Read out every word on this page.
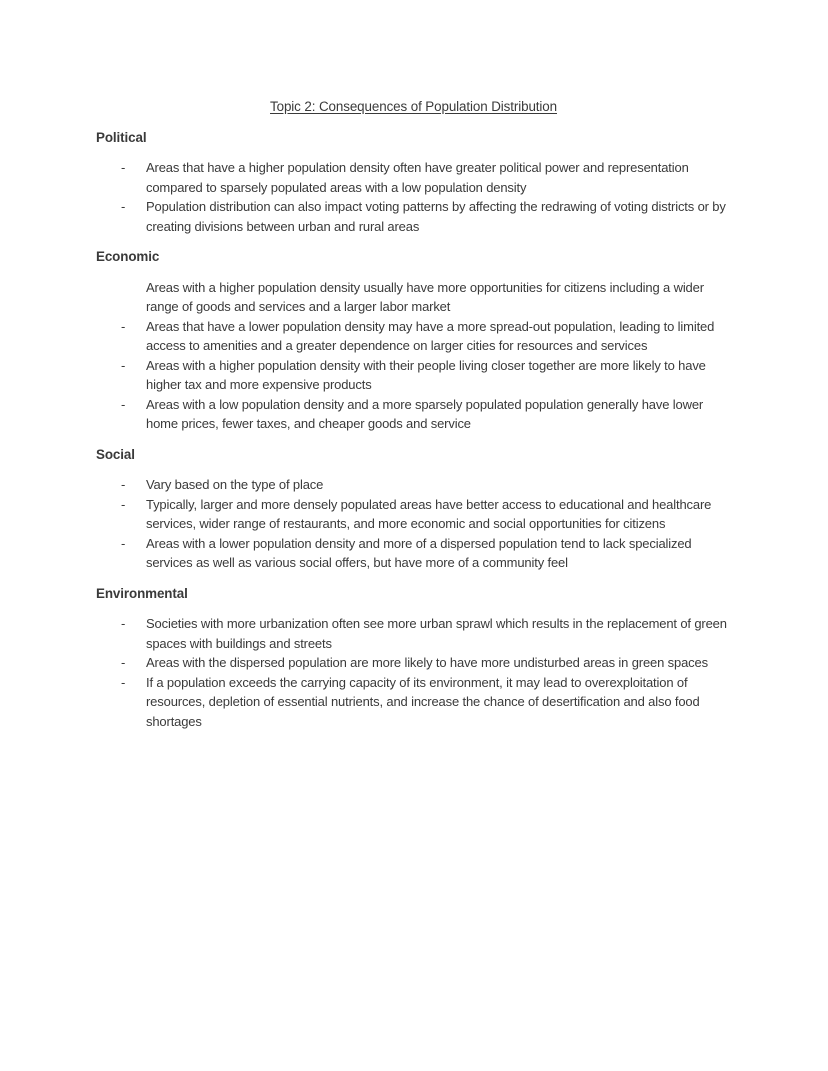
Topic 2: Consequences of Population Distribution
Political
- Areas that have a higher population density often have greater political power and representation compared to sparsely populated areas with a low population density
- Population distribution can also impact voting patterns by affecting the redrawing of voting districts or by creating divisions between urban and rural areas
Economic
Areas with a higher population density usually have more opportunities for citizens including a wider range of goods and services and a larger labor market
- Areas that have a lower population density may have a more spread-out population, leading to limited access to amenities and a greater dependence on larger cities for resources and services
- Areas with a higher population density with their people living closer together are more likely to have higher tax and more expensive products
- Areas with a low population density and a more sparsely populated population generally have lower home prices, fewer taxes, and cheaper goods and service
Social
- Vary based on the type of place
- Typically, larger and more densely populated areas have better access to educational and healthcare services, wider range of restaurants, and more economic and social opportunities for citizens
- Areas with a lower population density and more of a dispersed population tend to lack specialized services as well as various social offers, but have more of a community feel
Environmental
- Societies with more urbanization often see more urban sprawl which results in the replacement of green spaces with buildings and streets
- Areas with the dispersed population are more likely to have more undisturbed areas in green spaces
- If a population exceeds the carrying capacity of its environment, it may lead to overexploitation of resources, depletion of essential nutrients, and increase the chance of desertification and also food shortages
